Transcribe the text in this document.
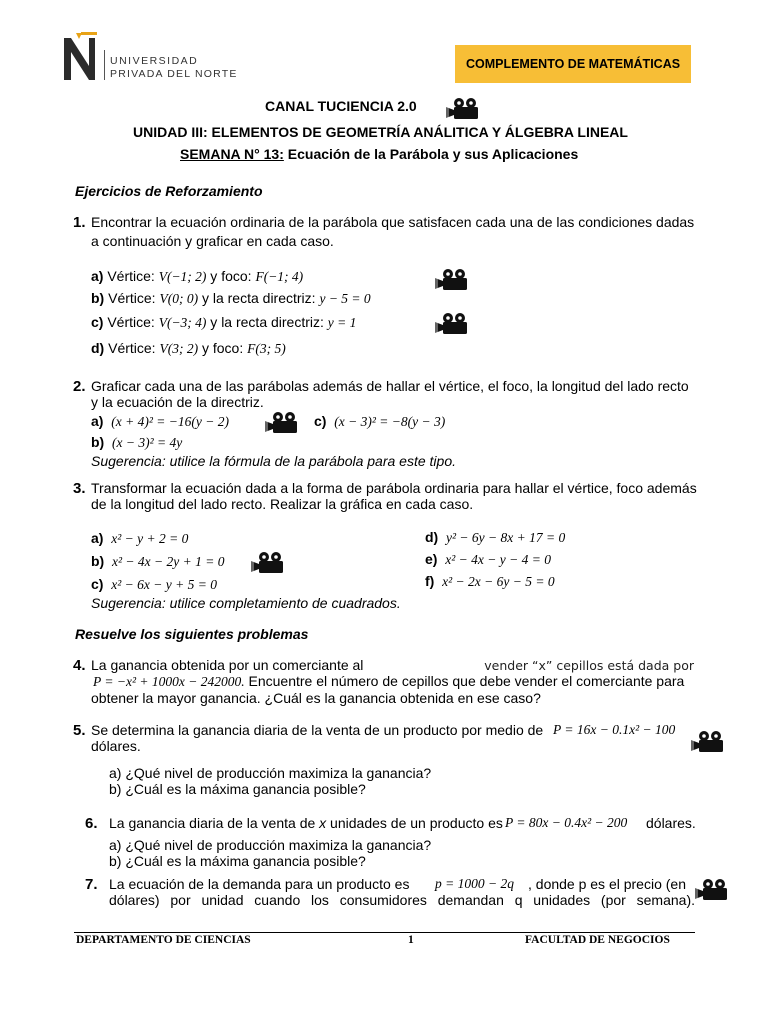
UNIVERSIDAD
PRIVADA DEL NORTE
COMPLEMENTO DE MATEMÁTICAS
CANAL TUCIENCIA 2.0
UNIDAD III: ELEMENTOS DE GEOMETRÍA ANÁLITICA Y ÁLGEBRA LINEAL
SEMANA N° 13: Ecuación de la Parábola y sus Aplicaciones
Ejercicios de Reforzamiento
1. Encontrar la ecuación ordinaria de la parábola que satisfacen cada una de las condiciones dadas
a continuación y graficar en cada caso.
a) Vértice: V(−1; 2) y foco: F(−1; 4)
b) Vértice: V(0; 0) y la recta directriz: y − 5 = 0
c) Vértice: V(−3; 4) y la recta directriz: y = 1
d) Vértice: V(3; 2) y foco: F(3; 5)
2. Graficar cada una de las parábolas además de hallar el vértice, el foco, la longitud del lado recto
y la ecuación de la directriz.
a) (x + 4)² = −16(y − 2)	c) (x − 3)² = −8(y − 3)
b) (x − 3)² = 4y
Sugerencia: utilice la fórmula de la parábola para este tipo.
3. Transformar la ecuación dada a la forma de parábola ordinaria para hallar el vértice, foco además
de la longitud del lado recto. Realizar la gráfica en cada caso.
a) x² − y + 2 = 0
b) x² − 4x − 2y + 1 = 0
c) x² − 6x − y + 5 = 0
d) y² − 6y − 8x + 17 = 0
e) x² − 4x − y − 4 = 0
f) x² − 2x − 6y − 5 = 0
Sugerencia: utilice completamiento de cuadrados.
Resuelve los siguientes problemas
4. La ganancia obtenida por un comerciante al	vender “x” cepillos está dada por
P = −x² + 1000x − 242000. Encuentre el número de cepillos que debe vender el comerciante para
obtener la mayor ganancia. ¿Cuál es la ganancia obtenida en ese caso?
5. Se determina la ganancia diaria de la venta de un producto por medio de P = 16x − 0.1x² − 100
dólares.
a) ¿Qué nivel de producción maximiza la ganancia?
b) ¿Cuál es la máxima ganancia posible?
6. La ganancia diaria de la venta de x unidades de un producto es P = 80x − 0.4x² − 200 dólares.
a) ¿Qué nivel de producción maximiza la ganancia?
b) ¿Cuál es la máxima ganancia posible?
7. La ecuación de la demanda para un producto es p = 1000 − 2q , donde p es el precio (en
dólares) por unidad cuando los consumidores demandan q unidades (por semana).
DEPARTAMENTO DE CIENCIAS	1	FACULTAD DE NEGOCIOS
